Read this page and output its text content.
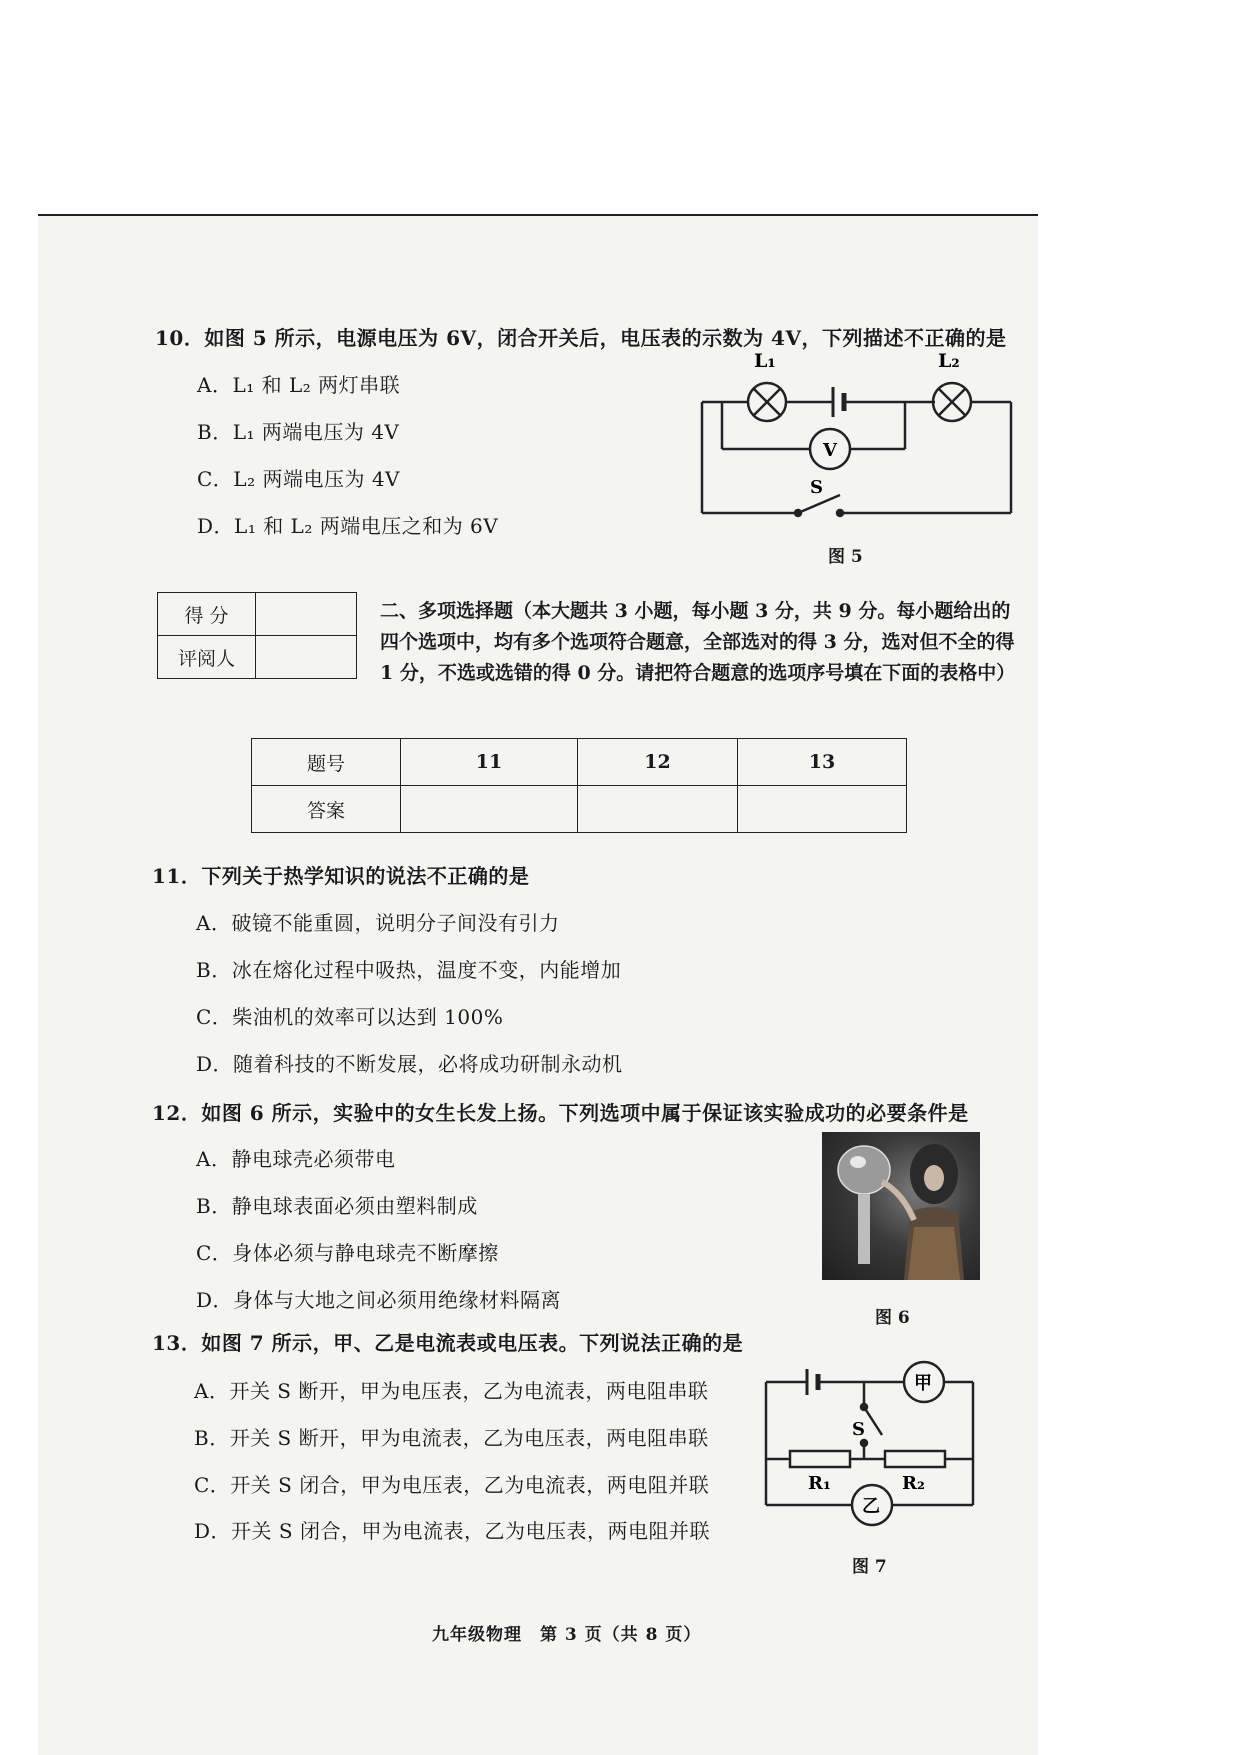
10．如图 5 所示，电源电压为 6V，闭合开关后，电压表的示数为 4V，下列描述不正确的是
A．L₁ 和 L₂ 两灯串联
B．L₁ 两端电压为 4V
C．L₂ 两端电压为 4V
D．L₁ 和 L₂ 两端电压之和为 6V
L₁	L₂
V
S
图 5
得 分	
评阅人	
二、多项选择题（本大题共 3 小题，每小题 3 分，共 9 分。每小题给出的四个选项中，均有多个选项符合题意，全部选对的得 3 分，选对但不全的得 1 分，不选或选错的得 0 分。请把符合题意的选项序号填在下面的表格中）
题号	11	12	13
答案			
11．下列关于热学知识的说法不正确的是
A．破镜不能重圆，说明分子间没有引力
B．冰在熔化过程中吸热，温度不变，内能增加
C．柴油机的效率可以达到 100%
D．随着科技的不断发展，必将成功研制永动机
12．如图 6 所示，实验中的女生长发上扬。下列选项中属于保证该实验成功的必要条件是
A．静电球壳必须带电
B．静电球表面必须由塑料制成
C．身体必须与静电球壳不断摩擦
D．身体与大地之间必须用绝缘材料隔离
图 6
13．如图 7 所示，甲、乙是电流表或电压表。下列说法正确的是
A．开关 S 断开，甲为电压表，乙为电流表，两电阻串联
B．开关 S 断开，甲为电流表，乙为电压表，两电阻串联
C．开关 S 闭合，甲为电压表，乙为电流表，两电阻并联
D．开关 S 闭合，甲为电流表，乙为电压表，两电阻并联
甲
乙
S
R₁	R₂
图 7
九年级物理　第 3 页（共 8 页）
